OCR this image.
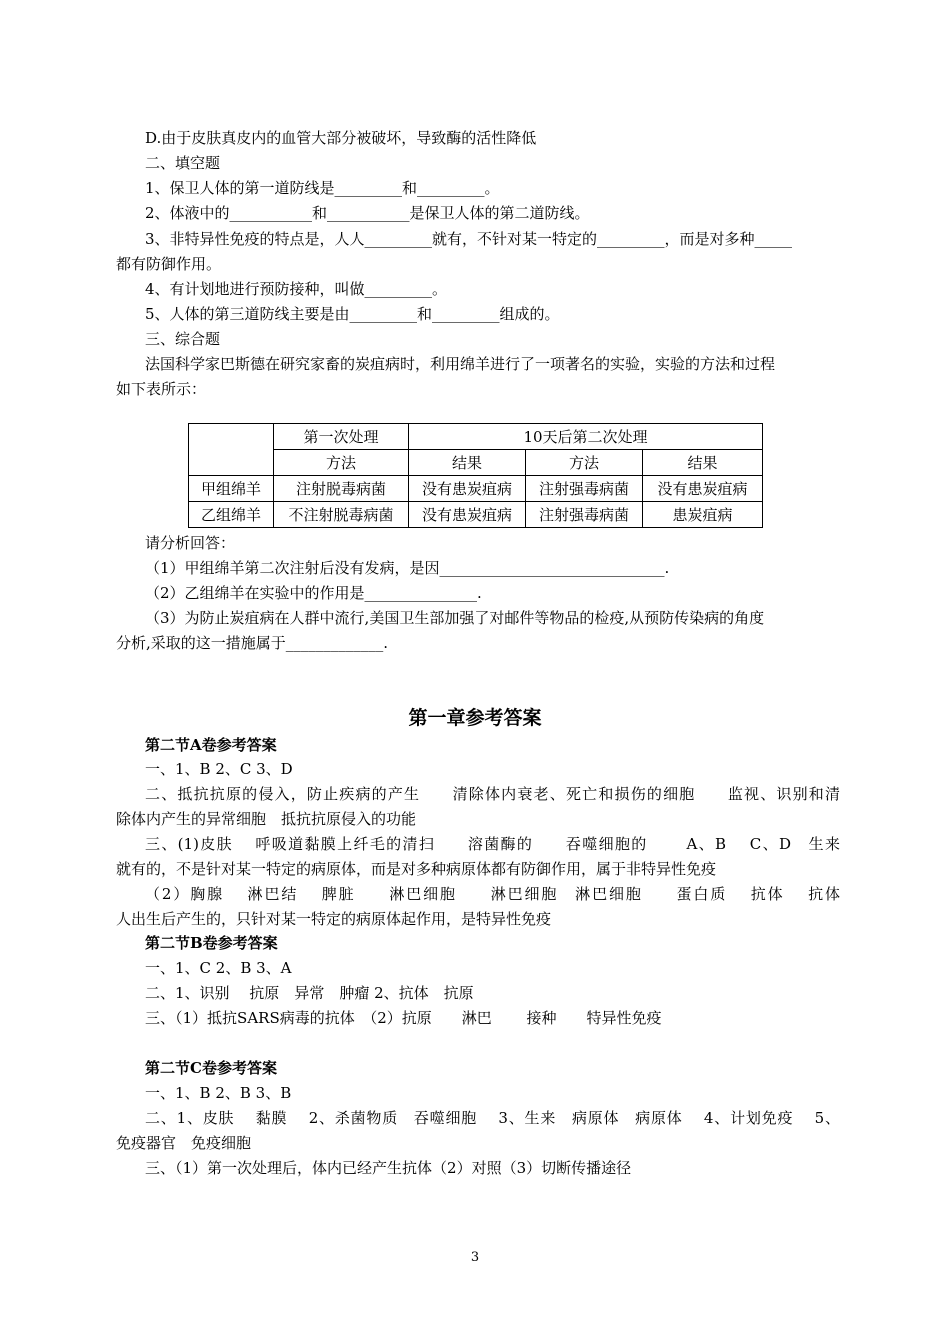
D.由于皮肤真皮内的血管大部分被破坏，导致酶的活性降低
二、填空题
1、保卫人体的第一道防线是_________和_________。
2、体液中的___________和___________是保卫人体的第二道防线。
3、非特异性免疫的特点是，人人_________就有，不针对某一特定的_________，而是对多种_____
都有防御作用。
4、有计划地进行预防接种，叫做_________。
5、人体的第三道防线主要是由_________和_________组成的。
三、综合题
法国科学家巴斯德在研究家畜的炭疽病时，利用绵羊进行了一项著名的实验，实验的方法和过程
如下表所示：
	第一次处理	10天后第二次处理		
	方法	结果	方法	结果
甲组绵羊	注射脱毒病菌	没有患炭疽病	注射强毒病菌	没有患炭疽病
乙组绵羊	不注射脱毒病菌	没有患炭疽病	注射强毒病菌	患炭疽病
请分析回答：
（1）甲组绵羊第二次注射后没有发病，是因______________________________.
（2）乙组绵羊在实验中的作用是_______________.
（3）为防止炭疽病在人群中流行,美国卫生部加强了对邮件等物品的检疫,从预防传染病的角度
分析,采取的这一措施属于_____________.
第一章参考答案
第二节A卷参考答案
一、1、B 2、C 3、D
二、抵抗抗原的侵入，防止疾病的产生　　清除体内衰老、死亡和损伤的细胞　　监视、识别和清
除体内产生的异常细胞　抵抗抗原侵入的功能
三、(1)皮肤　 呼吸道黏膜上纤毛的清扫　　溶菌酶的　　吞噬细胞的　　 A、B　 C、D　生来
就有的，不是针对某一特定的病原体，而是对多种病原体都有防御作用，属于非特异性免疫
（2）胸腺　 淋巴结　 脾脏　　淋巴细胞　　淋巴细胞　淋巴细胞　　蛋白质　 抗体　 抗体
人出生后产生的，只针对某一特定的病原体起作用，是特异性免疫
第二节B卷参考答案
一、1、C 2、B 3、A
二、1、识别　 抗原　异常　肿瘤 2、抗体　抗原
三、（1）抵抗SARS病毒的抗体　（2）抗原　　淋巴　　 接种　　特异性免疫
第二节C卷参考答案
一、1、B 2、B 3、B
二、1、皮肤　 黏膜　 2、杀菌物质　吞噬细胞　 3、生来　病原体　病原体　 4、计划免疫　 5、
免疫器官　免疫细胞
三、（1）第一次处理后，体内已经产生抗体（2）对照（3）切断传播途径
3
